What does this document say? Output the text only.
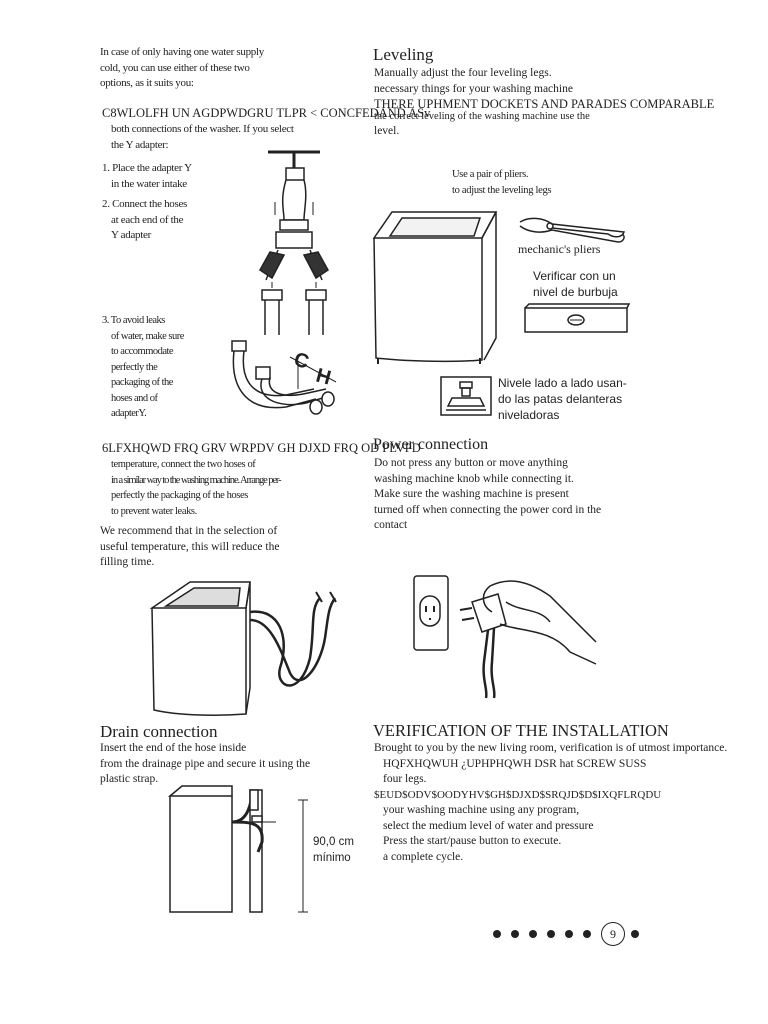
In case of only having one water supply
cold, you can use either of these two
options, as it suits you:
C8WLOLFH UN AGDPWDGRU TLPR < CONCFEDAND ASv
both connections of the washer. If you select
the Y adapter:
1. Place the adapter Y
in the water intake
2. Connect the hoses
at each end of the
Y adapter
3. To avoid leaks
of water, make sure
to accommodate
perfectly the
packaging of the
hoses and of
adapterY.
6LFXHQWD FRQ GRV WRPDV GH DJXD FRQ OD PLVPD
temperature, connect the two hoses of
in a similar way to the washing machine. Arrange per-
perfectly the packaging of the hoses
to prevent water leaks.
We recommend that in the selection of
useful temperature, this will reduce the
filling time.
Drain connection
Insert the end of the hose inside
from the drainage pipe and secure it using the
plastic strap.
90,0 cm
mínimo
Leveling
Manually adjust the four leveling legs.
necessary things for your washing machine
THERE UPHMENT DOCKETS AND PARADES COMPARABLE
the correct leveling of the washing machine use the
level.
Use a pair of pliers.
to adjust the leveling legs
mechanic's pliers
Verificar con un
nivel de burbuja
Nivele lado a lado usan-
do las patas delanteras
niveladoras
Power connection
Do not press any button or move anything
washing machine knob while connecting it.
Make sure the washing machine is present
turned off when connecting the power cord in the
contact
VERIFICATION OF THE INSTALLATION
Brought to you by the new living room, verification is of utmost importance.
HQFXHQWUH ¿UPHPHQWH DSR hat SCREW SUSS
four legs.
$EUD$ODV$OODYHV$GH$DJXD$SRQJD$D$IXQFLRQDU
your washing machine using any program,
select the medium level of water and pressure
Press the start/pause button to execute.
a complete cycle.
C
H
9
